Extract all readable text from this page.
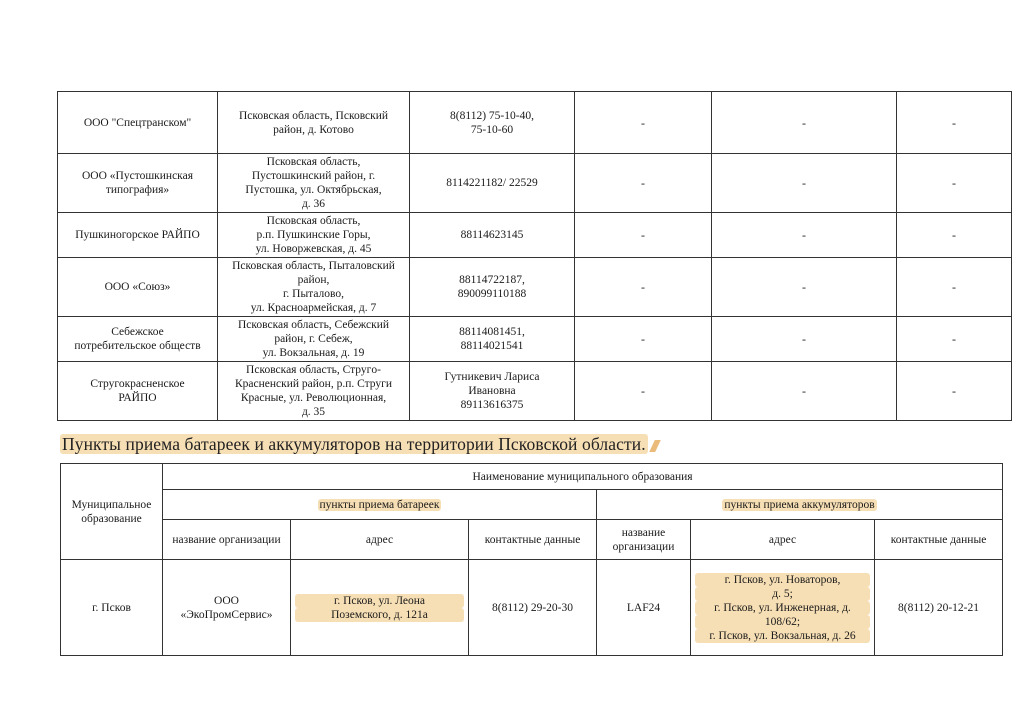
ООО "Спецтранском"	Псковская область, Псковский
район, д. Котово	8(8112) 75-10-40,
75-10-60	-	-	-

ООО «Пустошкинская
типография»	Псковская область,
Пустошкинский район, г.
Пустошка, ул. Октябрьская,
д. 36	8114221182/ 22529	-	-	-
Пушкиногорское РАЙПО	Псковская область,
р.п. Пушкинские Горы,
ул. Новоржевская, д. 45	88114623145	-	-	-
ООО «Союз»	Псковская область, Пыталовский
район,
г. Пыталово,
ул. Красноармейская, д. 7	88114722187,
890099110188	-	-	-

Себежское
потребительское обществ	Псковская область, Себежский
район, г. Себеж,
ул. Вокзальная, д. 19	88114081451,
88114021541	-	-	-

Стругокрасненское
РАЙПО	Псковская область, Стругo-
Красненский район, р.п. Струги
Красные, ул. Революционная,
д. 35	Гутникевич Лариса
Ивановна
89113616375	-	-	-
Пункты приема батареек и аккумуляторов на территории Псковской области.
Муниципальное образование	Наименование муниципального образования					
	пункты приема батареек			пункты приема аккумуляторов		
	название организации	адрес	контактные данные	название организации	адрес	контактные данные
г. Псков	ООО «ЭкоПромСервис»	г. Псков, ул. Леона
Поземского, д. 121а	8(8112) 29-20-30	LAF24	г. Псков, ул. Новаторов,
д. 5;
г. Псков, ул. Инженерная, д.
108/62;
г. Псков, ул. Вокзальная, д. 26	8(8112) 20-12-21
